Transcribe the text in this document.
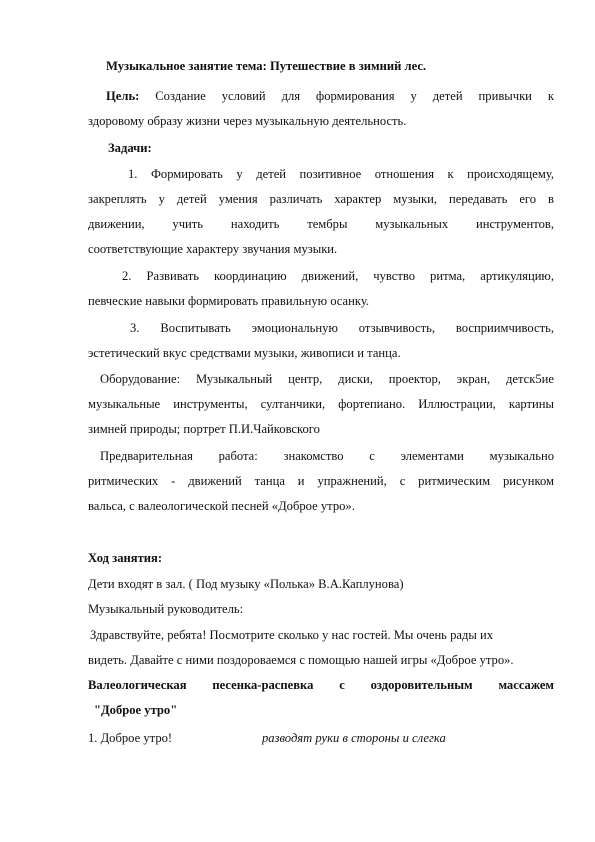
Музыкальное занятие тема: Путешествие в зимний лес.
Цель: Создание условий для формирования у детей привычки к
здоровому образу жизни через музыкальную деятельность.
Задачи:
1. Формировать у детей позитивное отношения к происходящему,
закреплять у детей умения различать характер музыки, передавать его в
движении, учить находить тембры музыкальных инструментов,
соответствующие характеру звучания музыки.
2. Развивать координацию движений, чувство ритма, артикуляцию,
певческие навыки формировать правильную осанку.
3. Воспитывать эмоциональную отзывчивость, восприимчивость,
эстетический вкус средствами музыки, живописи и танца.
Оборудование: Музыкальный центр, диски, проектор, экран, детск5ие
музыкальные инструменты, султанчики, фортепиано. Иллюстрации, картины
зимней природы; портрет П.И.Чайковского
Предварительная работа: знакомство с элементами музыкально
ритмических - движений танца и упражнений, с ритмическим рисунком
вальса, с валеологической песней «Доброе утро».
Ход занятия:
Дети входят в зал. ( Под музыку «Полька» В.А.Каплунова)
Музыкальный руководитель:
Здравствуйте, ребята! Посмотрите сколько у нас гостей. Мы очень рады их
видеть. Давайте с ними поздороваемся с помощью нашей игры «Доброе утро».
Валеологическая песенка-распевка с оздоровительным массажем
"Доброе утро"
1. Доброе утро!	разводят руки в стороны и слегка
